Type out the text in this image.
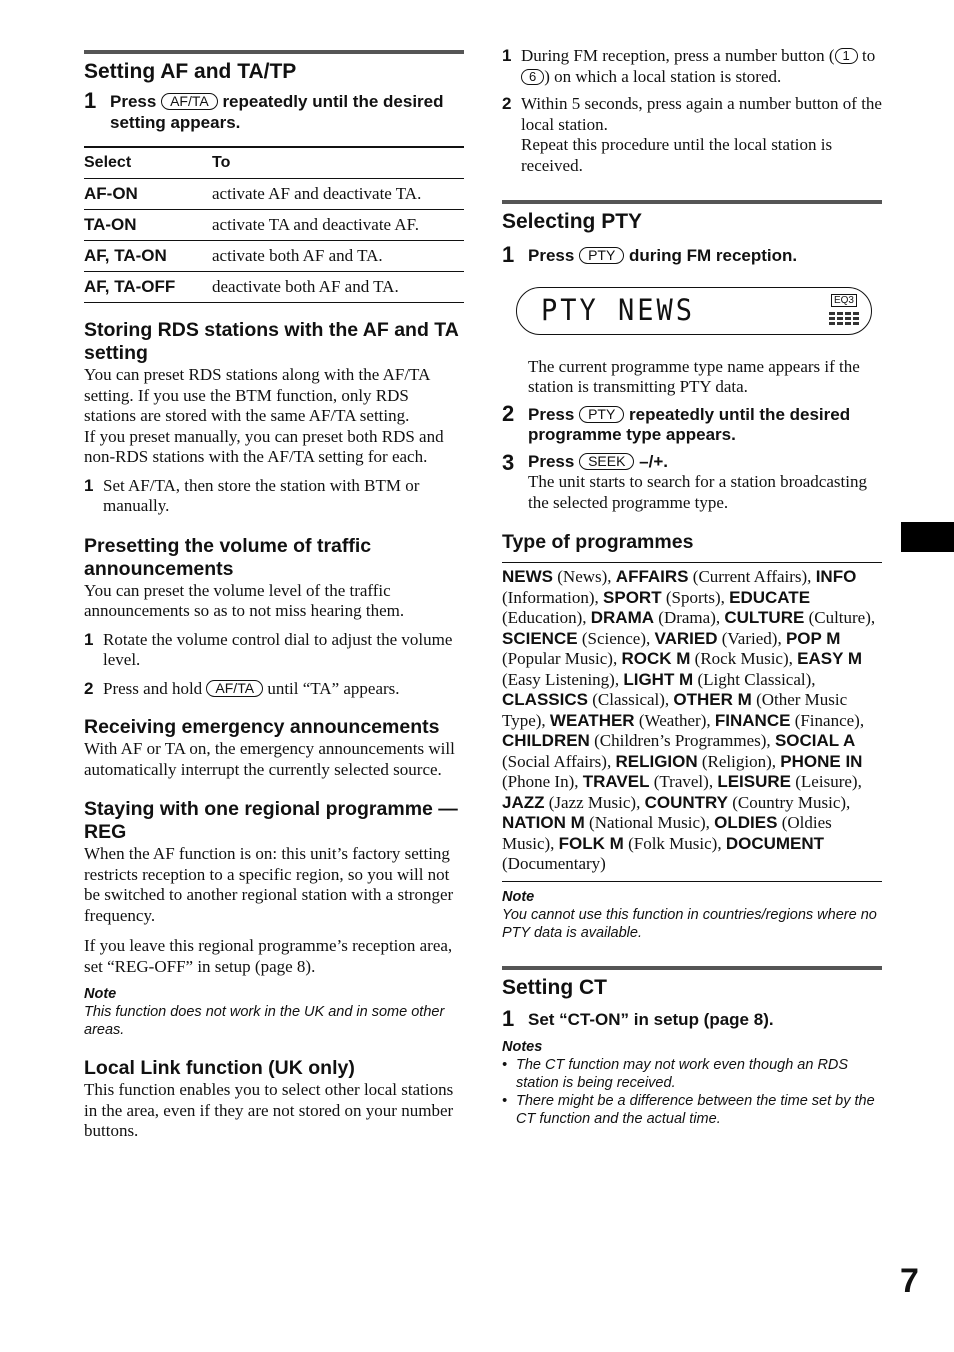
Setting AF and TA/TP
1 Press AF/TA repeatedly until the desired setting appears.
Select	To
AF-ON	activate AF and deactivate TA.
TA-ON	activate TA and deactivate AF.
AF, TA-ON	activate both AF and TA.
AF, TA-OFF	deactivate both AF and TA.
Storing RDS stations with the AF and TA setting

You can preset RDS stations along with the AF/TA setting. If you use the BTM function, only RDS stations are stored with the same AF/TA setting.

If you preset manually, you can preset both RDS and non-RDS stations with the AF/TA setting for each.

1 Set AF/TA, then store the station with BTM or manually.
Presetting the volume of traffic announcements

You can preset the volume level of the traffic announcements so as to not miss hearing them.

1 Rotate the volume control dial to adjust the volume level.
2 Press and hold AF/TA until “TA” appears.
Receiving emergency announcements

With AF or TA on, the emergency announcements will automatically interrupt the currently selected source.

Staying with one regional programme — REG

When the AF function is on: this unit’s factory setting restricts reception to a specific region, so you will not be switched to another regional station with a stronger frequency.

If you leave this regional programme’s reception area, set “REG-OFF” in setup (page 8).

Note
This function does not work in the UK and in some other areas.
Local Link function (UK only)

This function enables you to select other local stations in the area, even if they are not stored on your number buttons.

1 During FM reception, press a number button ( 1 to 6 ) on which a local station is stored.
2 Within 5 seconds, press again a number button of the local station.
Repeat this procedure until the local station is received.
Selecting PTY
1 Press PTY during FM reception.
PTY NEWS	EQ3

The current programme type name appears if the station is transmitting PTY data.

2 Press PTY repeatedly until the desired programme type appears.
3 Press SEEK –/+.
The unit starts to search for a station broadcasting the selected programme type.
Type of programmes
NEWS (News), AFFAIRS (Current Affairs), INFO (Information), SPORT (Sports), EDUCATE (Education), DRAMA (Drama), CULTURE (Culture), SCIENCE (Science), VARIED (Varied), POP M (Popular Music), ROCK M (Rock Music), EASY M (Easy Listening), LIGHT M (Light Classical), CLASSICS (Classical), OTHER M (Other Music Type), WEATHER (Weather), FINANCE (Finance), CHILDREN (Children’s Programmes), SOCIAL A (Social Affairs), RELIGION (Religion), PHONE IN (Phone In), TRAVEL (Travel), LEISURE (Leisure), JAZZ (Jazz Music), COUNTRY (Country Music), NATION M (National Music), OLDIES (Oldies Music), FOLK M (Folk Music), DOCUMENT (Documentary)
Note
You cannot use this function in countries/regions where no PTY data is available.
Setting CT
1 Set “CT-ON” in setup (page 8).
Notes
• The CT function may not work even though an RDS station is being received.
• There might be a difference between the time set by the CT function and the actual time.
7
